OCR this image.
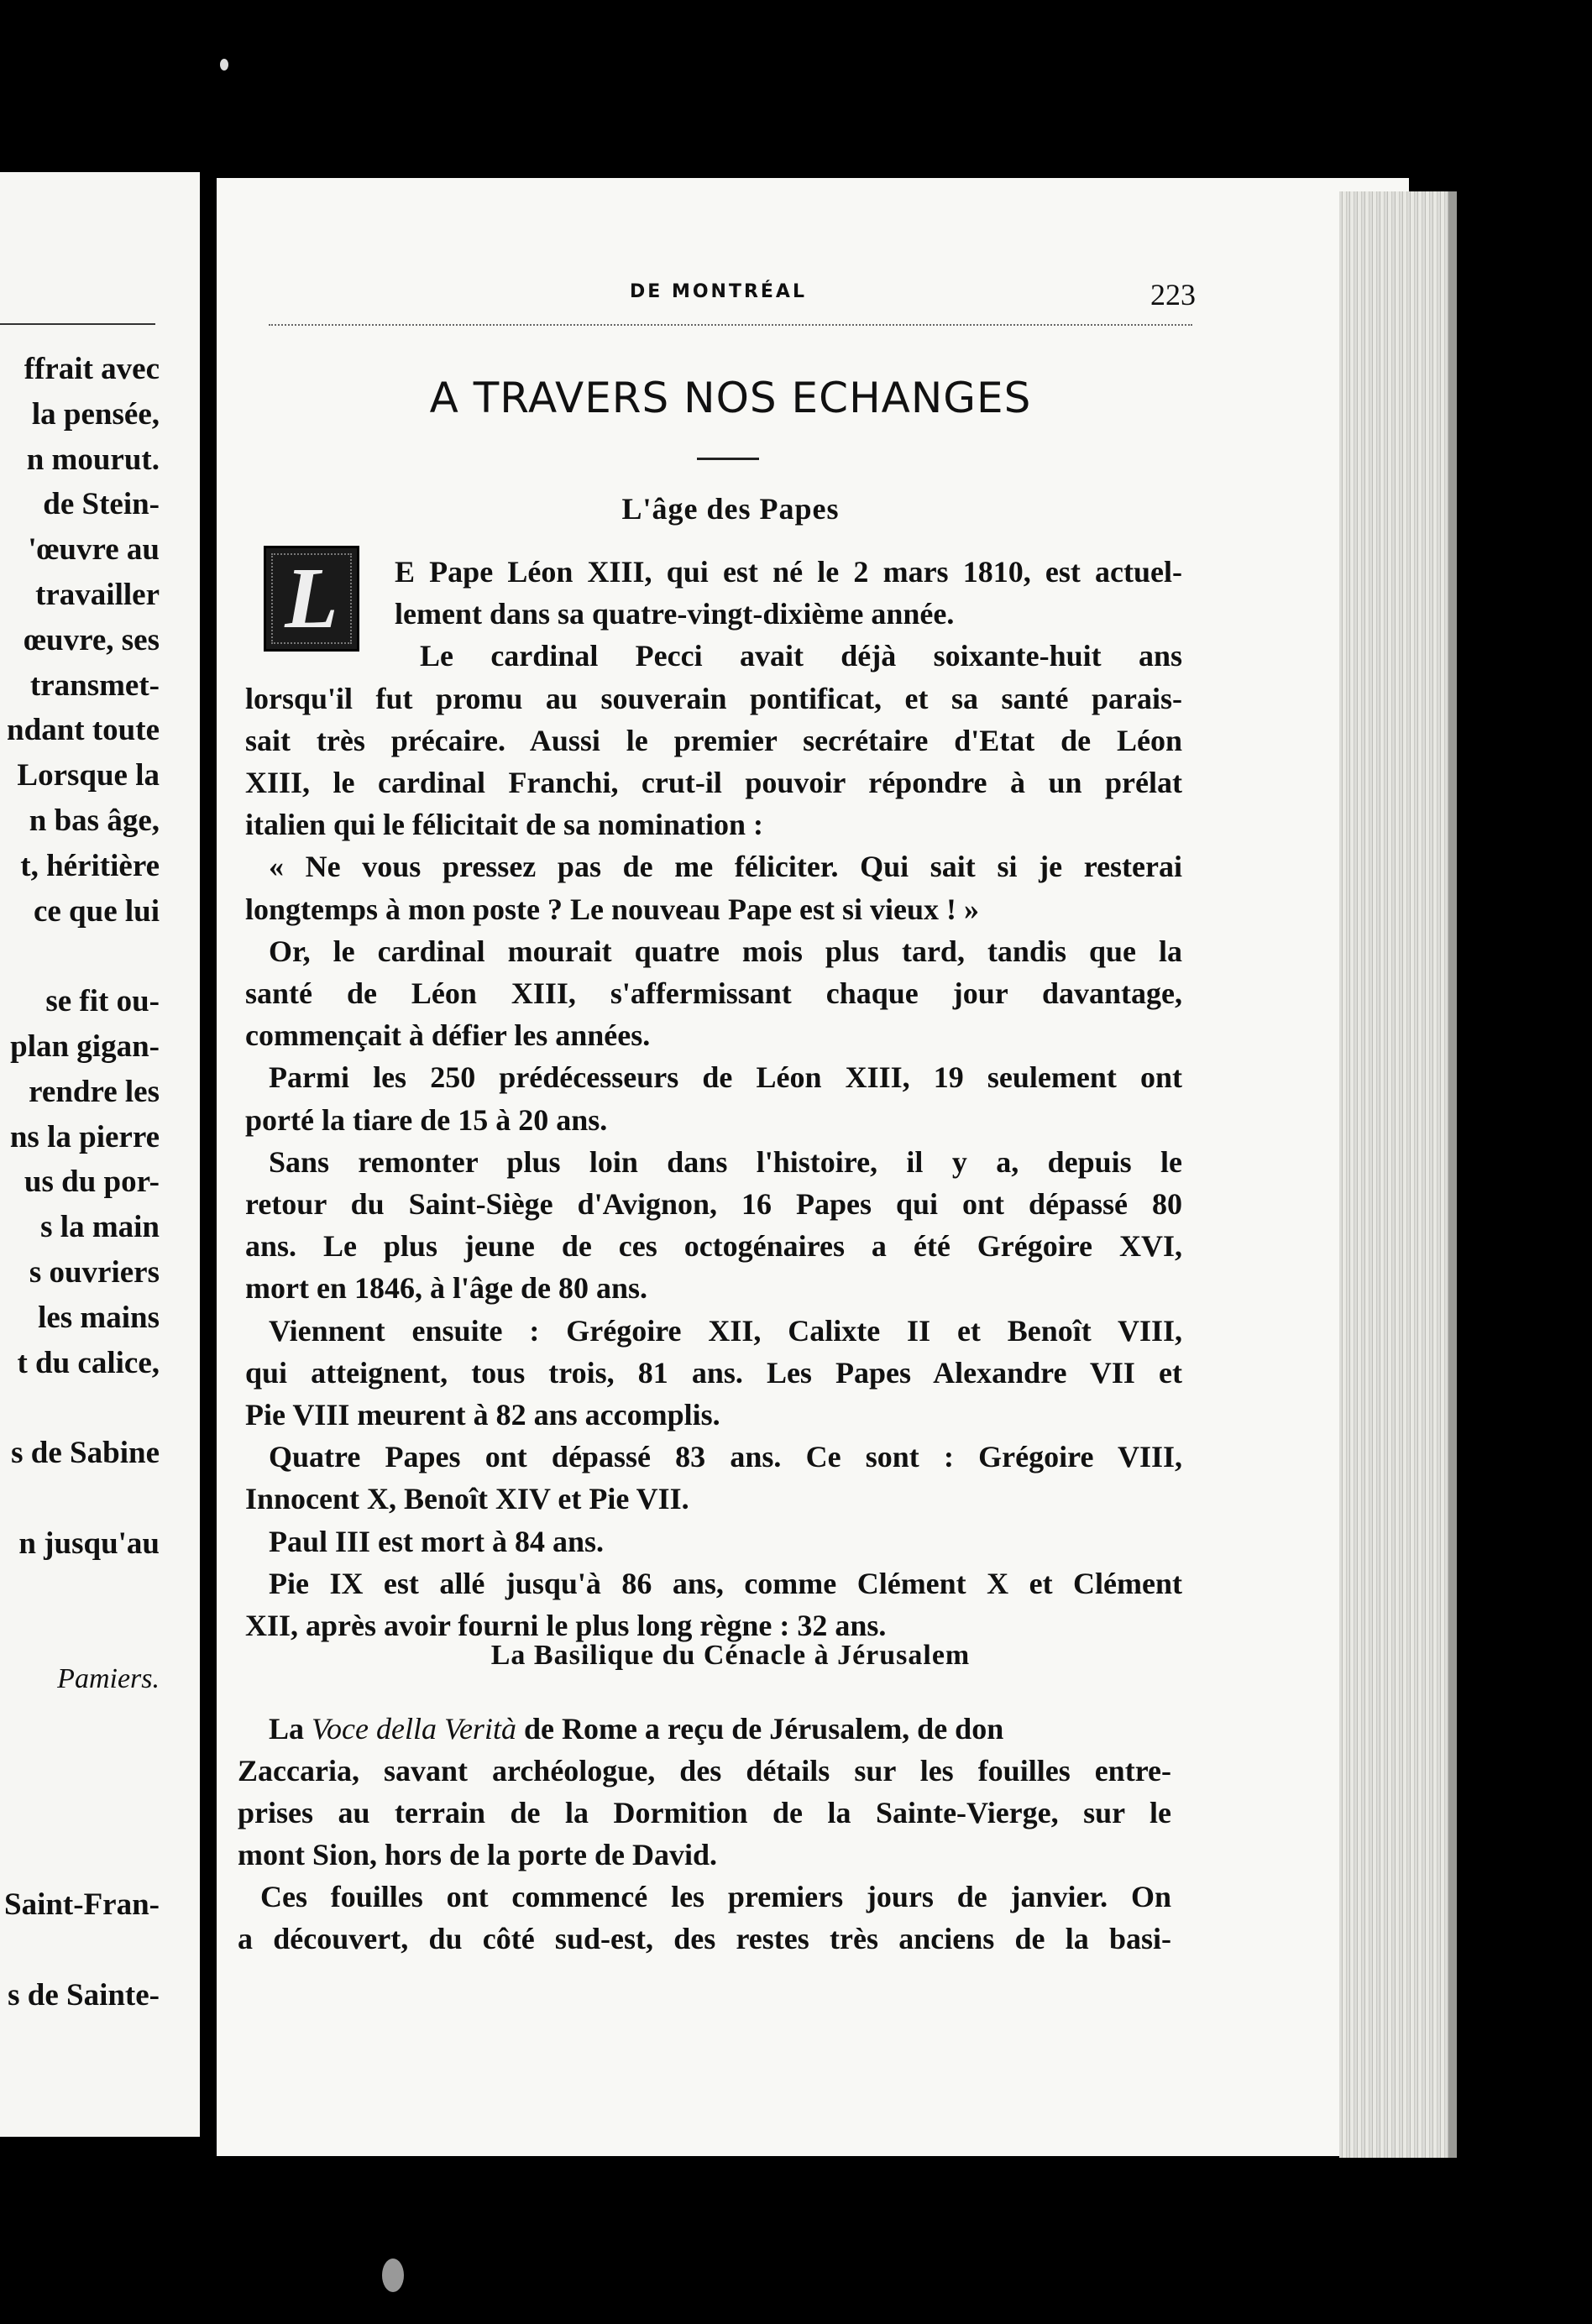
ffrait avec
la pensée,
n mourut.
de Stein-
'œuvre au
travailler
œuvre, ses
transmet-
ndant toute
Lorsque la
n bas âge,
t, héritière
ce que lui

se fit ou-
plan gigan-
rendre les
ns la pierre
us du por-
s la main
s ouvriers
les mains
t du calice,

s de Sabine

n jusqu'au

Pamiers.

Saint-Fran-

s de Sainte-
DE MONTRÉAL	223
A TRAVERS NOS ECHANGES
L'âge des Papes
L	E Pape Léon XIII, qui est né le 2 mars 1810, est actuel-
lement dans sa quatre-vingt-dixième année.
Le cardinal Pecci avait déjà soixante-huit ans
lorsqu'il fut promu au souverain pontificat, et sa santé parais-
sait très précaire. Aussi le premier secrétaire d'Etat de Léon
XIII, le cardinal Franchi, crut-il pouvoir répondre à un prélat
italien qui le félicitait de sa nomination :
« Ne vous pressez pas de me féliciter. Qui sait si je resterai
longtemps à mon poste ? Le nouveau Pape est si vieux ! »
Or, le cardinal mourait quatre mois plus tard, tandis que la
santé de Léon XIII, s'affermissant chaque jour davantage,
commençait à défier les années.
Parmi les 250 prédécesseurs de Léon XIII, 19 seulement ont
porté la tiare de 15 à 20 ans.
Sans remonter plus loin dans l'histoire, il y a, depuis le
retour du Saint-Siège d'Avignon, 16 Papes qui ont dépassé 80
ans. Le plus jeune de ces octogénaires a été Grégoire XVI,
mort en 1846, à l'âge de 80 ans.
Viennent ensuite : Grégoire XII, Calixte II et Benoît VIII,
qui atteignent, tous trois, 81 ans. Les Papes Alexandre VII et
Pie VIII meurent à 82 ans accomplis.
Quatre Papes ont dépassé 83 ans. Ce sont : Grégoire VIII,
Innocent X, Benoît XIV et Pie VII.
Paul III est mort à 84 ans.
Pie IX est allé jusqu'à 86 ans, comme Clément X et Clément
XII, après avoir fourni le plus long règne : 32 ans.
La Basilique du Cénacle à Jérusalem
La Voce della Verità de Rome a reçu de Jérusalem, de don
Zaccaria, savant archéologue, des détails sur les fouilles entre-
prises au terrain de la Dormition de la Sainte-Vierge, sur le
mont Sion, hors de la porte de David.
Ces fouilles ont commencé les premiers jours de janvier. On
a découvert, du côté sud-est, des restes très anciens de la basi-
